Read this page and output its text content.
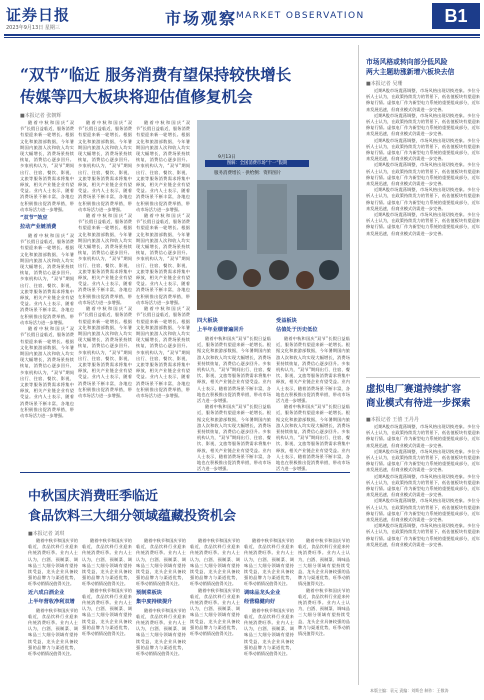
证券日报
2023年9月13日 星期三	市场观察
MARKET OBSERVATION	B1
“双节”临近 服务消费有望保持较快增长
传媒等四大板块将迎估值修复机会
■本报记者 张朝辉

随着中秋和国庆“双节”长假日益临近，服务消费有望迎来新一轮增长。根据文化和旅游部数据，今年暑期国内旅游人次和收入均实现大幅增长，消费场景持续恢复，消费信心逐步回升。多家机构认为，“双节”期间出行、住宿、餐饮、影视、文旅等服务消费需求将集中释放，相关产业链企业有望受益。业内人士表示，随着消费场景不断丰富，各地也在积极推出促消费举措，带动市场活力进一步增强。

“双节”效应
拉动产业链消费

随着中秋和国庆“双节”长假日益临近，服务消费有望迎来新一轮增长。根据文化和旅游部数据，今年暑期国内旅游人次和收入均实现大幅增长，消费场景持续恢复，消费信心逐步回升。多家机构认为，“双节”期间出行、住宿、餐饮、影视、文旅等服务消费需求将集中释放，相关产业链企业有望受益。业内人士表示，随着消费场景不断丰富，各地也在积极推出促消费举措，带动市场活力进一步增强。

随着中秋和国庆“双节”长假日益临近，服务消费有望迎来新一轮增长。根据文化和旅游部数据，今年暑期国内旅游人次和收入均实现大幅增长，消费场景持续恢复，消费信心逐步回升。多家机构认为，“双节”期间出行、住宿、餐饮、影视、文旅等服务消费需求将集中释放，相关产业链企业有望受益。业内人士表示，随着消费场景不断丰富，各地也在积极推出促消费举措，带动市场活力进一步增强。

随着中秋和国庆“双节”长假日益临近，服务消费有望迎来新一轮增长。根据文化和旅游部数据，今年暑期国内旅游人次和收入均实现大幅增长，消费场景持续恢复，消费信心逐步回升。多家机构认为，“双节”期间出行、住宿、餐饮、影视、文旅等服务消费需求将集中释放，相关产业链企业有望受益。业内人士表示，随着消费场景不断丰富，各地也在积极推出促消费举措，带动市场活力进一步增强。

随着中秋和国庆“双节”长假日益临近，服务消费有望迎来新一轮增长。根据文化和旅游部数据，今年暑期国内旅游人次和收入均实现大幅增长，消费场景持续恢复，消费信心逐步回升。多家机构认为，“双节”期间出行、住宿、餐饮、影视、文旅等服务消费需求将集中释放，相关产业链企业有望受益。业内人士表示，随着消费场景不断丰富，各地也在积极推出促消费举措，带动市场活力进一步增强。

随着中秋和国庆“双节”长假日益临近，服务消费有望迎来新一轮增长。根据文化和旅游部数据，今年暑期国内旅游人次和收入均实现大幅增长，消费场景持续恢复，消费信心逐步回升。多家机构认为，“双节”期间出行、住宿、餐饮、影视、文旅等服务消费需求将集中释放，相关产业链企业有望受益。业内人士表示，随着消费场景不断丰富，各地也在积极推出促消费举措，带动市场活力进一步增强。

随着中秋和国庆“双节”长假日益临近，服务消费有望迎来新一轮增长。根据文化和旅游部数据，今年暑期国内旅游人次和收入均实现大幅增长，消费场景持续恢复，消费信心逐步回升。多家机构认为，“双节”期间出行、住宿、餐饮、影视、文旅等服务消费需求将集中释放，相关产业链企业有望受益。业内人士表示，随着消费场景不断丰富，各地也在积极推出促消费举措，带动市场活力进一步增强。

随着中秋和国庆“双节”长假日益临近，服务消费有望迎来新一轮增长。根据文化和旅游部数据，今年暑期国内旅游人次和收入均实现大幅增长，消费场景持续恢复，消费信心逐步回升。多家机构认为，“双节”期间出行、住宿、餐饮、影视、文旅等服务消费需求将集中释放，相关产业链企业有望受益。业内人士表示，随着消费场景不断丰富，各地也在积极推出促消费举措，带动市场活力进一步增强。

随着中秋和国庆“双节”长假日益临近，服务消费有望迎来新一轮增长。根据文化和旅游部数据，今年暑期国内旅游人次和收入均实现大幅增长，消费场景持续恢复，消费信心逐步回升。多家机构认为，“双节”期间出行、住宿、餐饮、影视、文旅等服务消费需求将集中释放，相关产业链企业有望受益。业内人士表示，随着消费场景不断丰富，各地也在积极推出促消费举措，带动市场活力进一步增强。

9月13日
图解：全国消费市场“十一”假期
服务消费增长 · 供给侧：资料图片
四大板块
上半年业绩普遍回升

随着中秋和国庆“双节”长假日益临近，服务消费有望迎来新一轮增长。根据文化和旅游部数据，今年暑期国内旅游人次和收入均实现大幅增长，消费场景持续恢复，消费信心逐步回升。多家机构认为，“双节”期间出行、住宿、餐饮、影视、文旅等服务消费需求将集中释放，相关产业链企业有望受益。业内人士表示，随着消费场景不断丰富，各地也在积极推出促消费举措，带动市场活力进一步增强。

随着中秋和国庆“双节”长假日益临近，服务消费有望迎来新一轮增长。根据文化和旅游部数据，今年暑期国内旅游人次和收入均实现大幅增长，消费场景持续恢复，消费信心逐步回升。多家机构认为，“双节”期间出行、住宿、餐饮、影视、文旅等服务消费需求将集中释放，相关产业链企业有望受益。业内人士表示，随着消费场景不断丰富，各地也在积极推出促消费举措，带动市场活力进一步增强。

受益板块
估值处于历史低位

随着中秋和国庆“双节”长假日益临近，服务消费有望迎来新一轮增长。根据文化和旅游部数据，今年暑期国内旅游人次和收入均实现大幅增长，消费场景持续恢复，消费信心逐步回升。多家机构认为，“双节”期间出行、住宿、餐饮、影视、文旅等服务消费需求将集中释放，相关产业链企业有望受益。业内人士表示，随着消费场景不断丰富，各地也在积极推出促消费举措，带动市场活力进一步增强。

随着中秋和国庆“双节”长假日益临近，服务消费有望迎来新一轮增长。根据文化和旅游部数据，今年暑期国内旅游人次和收入均实现大幅增长，消费场景持续恢复，消费信心逐步回升。多家机构认为，“双节”期间出行、住宿、餐饮、影视、文旅等服务消费需求将集中释放，相关产业链企业有望受益。业内人士表示，随着消费场景不断丰富，各地也在积极推出促消费举措，带动市场活力进一步增强。

中秋国庆消费旺季临近
食品饮料三大细分领域蕴藏投资机会
■本报记者 刘琪

随着中秋节和国庆节的临近，食品饮料行业迎来传统消费旺季。业内人士认为，白酒、预制菜、调味品三大细分领域有望持续受益，龙头企业具备较强的品牌力与渠道优势，旺季动销情况值得关注。

近六成白酒企业
上半年营收净利双增

随着中秋节和国庆节的临近，食品饮料行业迎来传统消费旺季。业内人士认为，白酒、预制菜、调味品三大细分领域有望持续受益，龙头企业具备较强的品牌力与渠道优势，旺季动销情况值得关注。

随着中秋节和国庆节的临近，食品饮料行业迎来传统消费旺季。业内人士认为，白酒、预制菜、调味品三大细分领域有望持续受益，龙头企业具备较强的品牌力与渠道优势，旺季动销情况值得关注。

随着中秋节和国庆节的临近，食品饮料行业迎来传统消费旺季。业内人士认为，白酒、预制菜、调味品三大细分领域有望持续受益，龙头企业具备较强的品牌力与渠道优势，旺季动销情况值得关注。

随着中秋节和国庆节的临近，食品饮料行业迎来传统消费旺季。业内人士认为，白酒、预制菜、调味品三大细分领域有望持续受益，龙头企业具备较强的品牌力与渠道优势，旺季动销情况值得关注。

预制菜板块
集中度持续提升

随着中秋节和国庆节的临近，食品饮料行业迎来传统消费旺季。业内人士认为，白酒、预制菜、调味品三大细分领域有望持续受益，龙头企业具备较强的品牌力与渠道优势，旺季动销情况值得关注。

随着中秋节和国庆节的临近，食品饮料行业迎来传统消费旺季。业内人士认为，白酒、预制菜、调味品三大细分领域有望持续受益，龙头企业具备较强的品牌力与渠道优势，旺季动销情况值得关注。

随着中秋节和国庆节的临近，食品饮料行业迎来传统消费旺季。业内人士认为，白酒、预制菜、调味品三大细分领域有望持续受益，龙头企业具备较强的品牌力与渠道优势，旺季动销情况值得关注。

随着中秋节和国庆节的临近，食品饮料行业迎来传统消费旺季。业内人士认为，白酒、预制菜、调味品三大细分领域有望持续受益，龙头企业具备较强的品牌力与渠道优势，旺季动销情况值得关注。

调味品龙头企业
经营稳健向好

随着中秋节和国庆节的临近，食品饮料行业迎来传统消费旺季。业内人士认为，白酒、预制菜、调味品三大细分领域有望持续受益，龙头企业具备较强的品牌力与渠道优势，旺季动销情况值得关注。

随着中秋节和国庆节的临近，食品饮料行业迎来传统消费旺季。业内人士认为，白酒、预制菜、调味品三大细分领域有望持续受益，龙头企业具备较强的品牌力与渠道优势，旺季动销情况值得关注。

随着中秋节和国庆节的临近，食品饮料行业迎来传统消费旺季。业内人士认为，白酒、预制菜、调味品三大细分领域有望持续受益，龙头企业具备较强的品牌力与渠道优势，旺季动销情况值得关注。

市场风格或转向部分低风险
两大主题助涨新增六板块去信
■本报记者 吴珊

近期A股市场震荡调整，市场风格出现切换迹象。多位分析人士认为，在政策持续发力的背景下，低估值板块有望迎来修复行情。虚拟电厂作为新型电力系统的重要组成部分，近年来发展迅速，但商业模式仍需进一步完善。

近期A股市场震荡调整，市场风格出现切换迹象。多位分析人士认为，在政策持续发力的背景下，低估值板块有望迎来修复行情。虚拟电厂作为新型电力系统的重要组成部分，近年来发展迅速，但商业模式仍需进一步完善。

近期A股市场震荡调整，市场风格出现切换迹象。多位分析人士认为，在政策持续发力的背景下，低估值板块有望迎来修复行情。虚拟电厂作为新型电力系统的重要组成部分，近年来发展迅速，但商业模式仍需进一步完善。

近期A股市场震荡调整，市场风格出现切换迹象。多位分析人士认为，在政策持续发力的背景下，低估值板块有望迎来修复行情。虚拟电厂作为新型电力系统的重要组成部分，近年来发展迅速，但商业模式仍需进一步完善。

近期A股市场震荡调整，市场风格出现切换迹象。多位分析人士认为，在政策持续发力的背景下，低估值板块有望迎来修复行情。虚拟电厂作为新型电力系统的重要组成部分，近年来发展迅速，但商业模式仍需进一步完善。

近期A股市场震荡调整，市场风格出现切换迹象。多位分析人士认为，在政策持续发力的背景下，低估值板块有望迎来修复行情。虚拟电厂作为新型电力系统的重要组成部分，近年来发展迅速，但商业模式仍需进一步完善。

虚拟电厂赛道持续扩容
商业模式有待进一步探索
■本报记者 王僖 王丹丹

近期A股市场震荡调整，市场风格出现切换迹象。多位分析人士认为，在政策持续发力的背景下，低估值板块有望迎来修复行情。虚拟电厂作为新型电力系统的重要组成部分，近年来发展迅速，但商业模式仍需进一步完善。

近期A股市场震荡调整，市场风格出现切换迹象。多位分析人士认为，在政策持续发力的背景下，低估值板块有望迎来修复行情。虚拟电厂作为新型电力系统的重要组成部分，近年来发展迅速，但商业模式仍需进一步完善。

近期A股市场震荡调整，市场风格出现切换迹象。多位分析人士认为，在政策持续发力的背景下，低估值板块有望迎来修复行情。虚拟电厂作为新型电力系统的重要组成部分，近年来发展迅速，但商业模式仍需进一步完善。

近期A股市场震荡调整，市场风格出现切换迹象。多位分析人士认为，在政策持续发力的背景下，低估值板块有望迎来修复行情。虚拟电厂作为新型电力系统的重要组成部分，近年来发展迅速，但商业模式仍需进一步完善。

近期A股市场震荡调整，市场风格出现切换迹象。多位分析人士认为，在政策持续发力的背景下，低估值板块有望迎来修复行情。虚拟电厂作为新型电力系统的重要组成部分，近年来发展迅速，但商业模式仍需进一步完善。

本版主编：袁元 责编：刘斯会 制作：王敬涛
